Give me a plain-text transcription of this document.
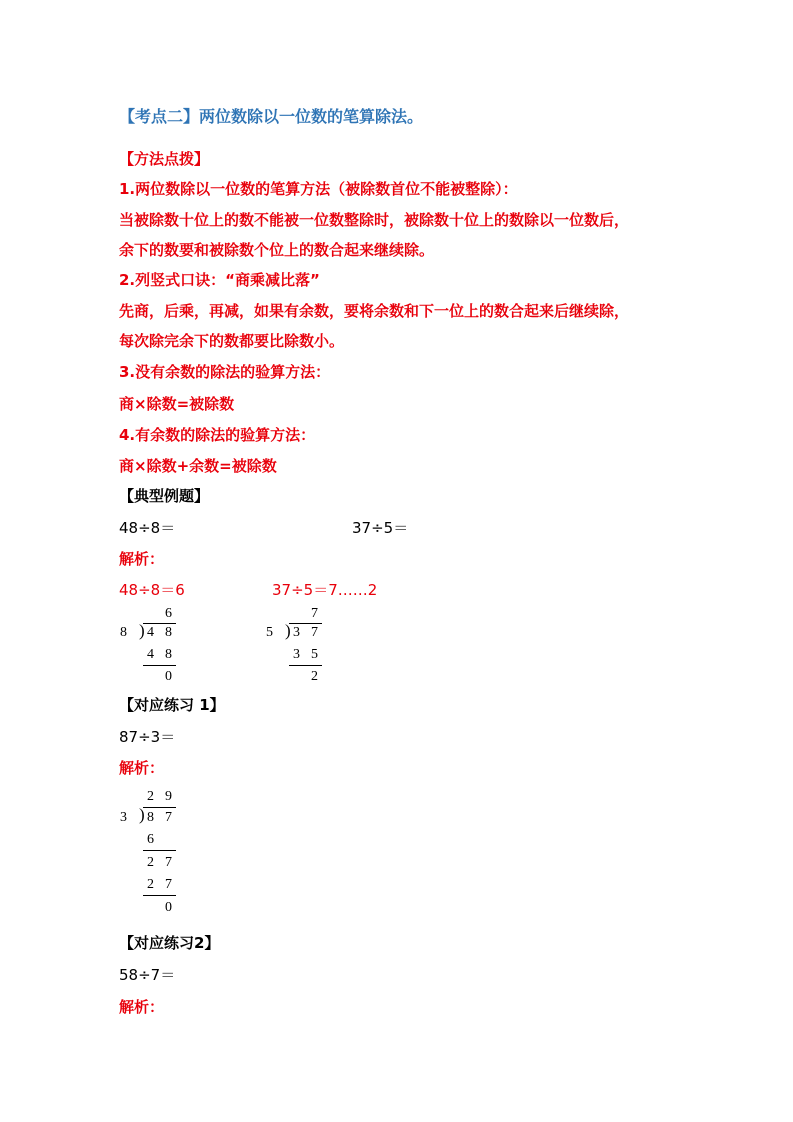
【考点二】两位数除以一位数的笔算除法。
【方法点拨】
1.两位数除以一位数的笔算方法（被除数首位不能被整除）：
当被除数十位上的数不能被一位数整除时，被除数十位上的数除以一位数后，
余下的数要和被除数个位上的数合起来继续除。
2.列竖式口诀：“商乘减比落”
先商，后乘，再减，如果有余数，要将余数和下一位上的数合起来后继续除，
每次除完余下的数都要比除数小。
3.没有余数的除法的验算方法：
商×除数=被除数
4.有余数的除法的验算方法：
商×除数+余数=被除数
【典型例题】
48÷8＝	37÷5＝
解析：
48÷8＝6	37÷5＝7……2
6
8 ) 4 8
4 8
0
7
5 ) 3 7
3 5
2
【对应练习 1】
87÷3＝
解析：
2 9
3 ) 8 7
6
2 7
2 7
0
【对应练习2】
58÷7＝
解析：
